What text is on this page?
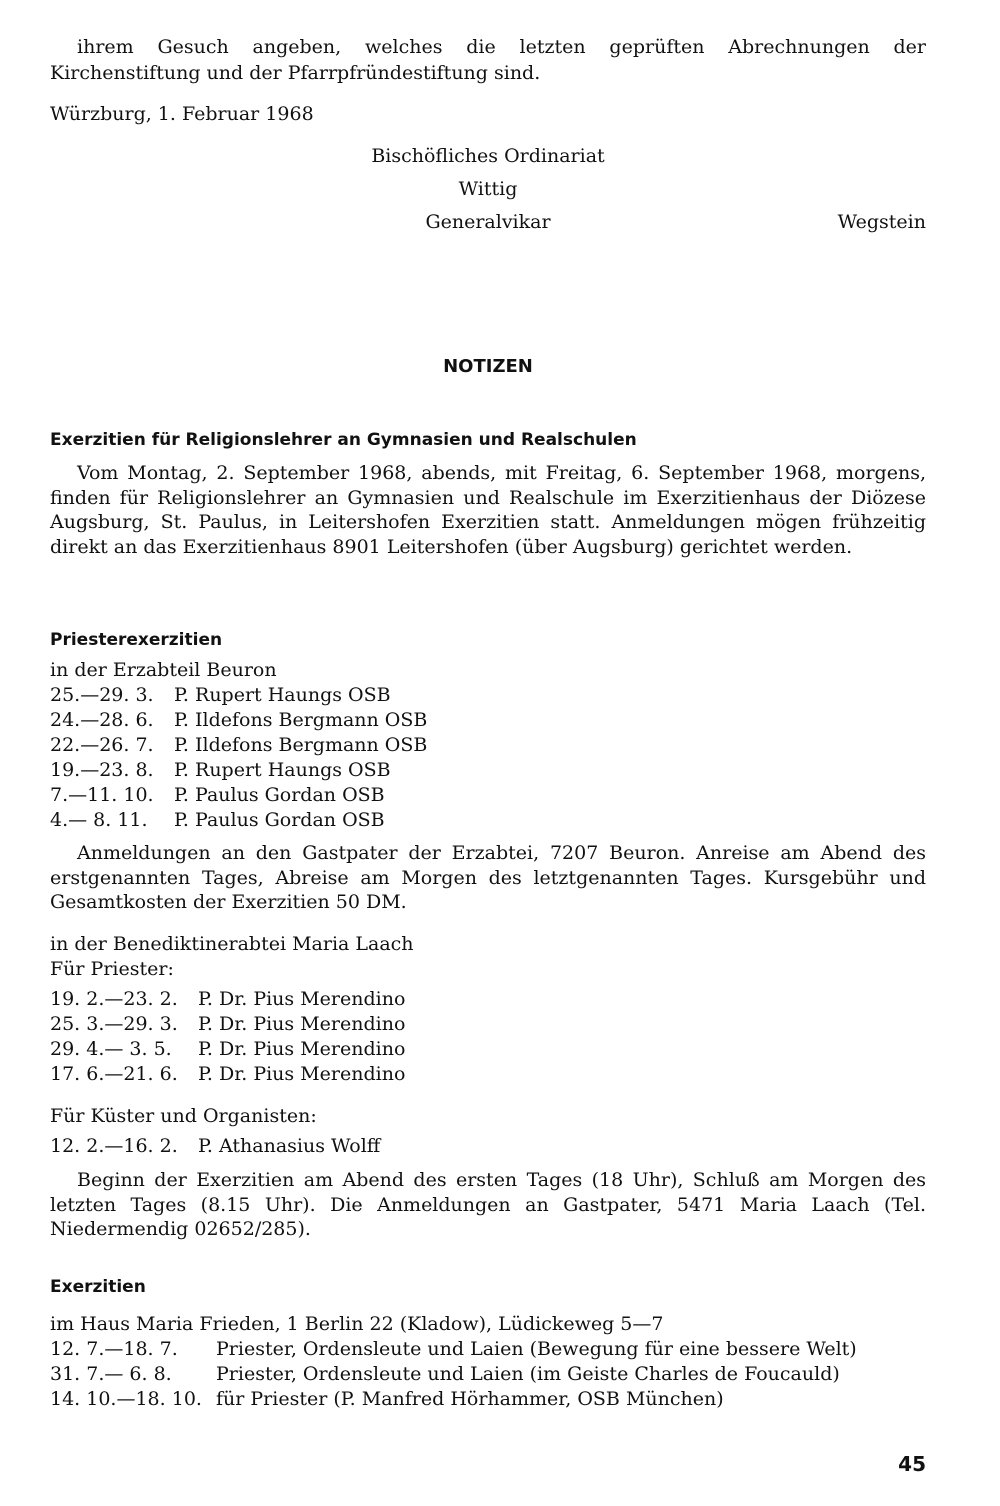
ihrem Gesuch angeben, welches die letzten geprüften Abrechnungen der Kirchenstiftung und der Pfarrpfründestiftung sind.
Würzburg, 1. Februar 1968
Bischöfliches Ordinariat
Wittig
Generalvikar	Wegstein
NOTIZEN
Exerzitien für Religionslehrer an Gymnasien und Realschulen
Vom Montag, 2. September 1968, abends, mit Freitag, 6. September 1968, morgens, finden für Religionslehrer an Gymnasien und Realschule im Exerzitienhaus der Diözese Augsburg, St. Paulus, in Leitershofen Exerzitien statt. Anmeldungen mögen frühzeitig direkt an das Exerzitienhaus 8901 Leitershofen (über Augsburg) gerichtet werden.
Priesterexerzitien
in der Erzabteil Beuron
25.—29. 3. P. Rupert Haungs OSB
24.—28. 6. P. Ildefons Bergmann OSB
22.—26. 7. P. Ildefons Bergmann OSB
19.—23. 8. P. Rupert Haungs OSB
7.—11. 10. P. Paulus Gordan OSB
4.— 8. 11. P. Paulus Gordan OSB
Anmeldungen an den Gastpater der Erzabtei, 7207 Beuron. Anreise am Abend des erstgenannten Tages, Abreise am Morgen des letztgenannten Tages. Kursgebühr und Gesamtkosten der Exerzitien 50 DM.
in der Benediktinerabtei Maria Laach
Für Priester:
19. 2.—23. 2. P. Dr. Pius Merendino
25. 3.—29. 3. P. Dr. Pius Merendino
29. 4.— 3. 5. P. Dr. Pius Merendino
17. 6.—21. 6. P. Dr. Pius Merendino
Für Küster und Organisten:
12. 2.—16. 2. P. Athanasius Wolff
Beginn der Exerzitien am Abend des ersten Tages (18 Uhr), Schluß am Morgen des letzten Tages (8.15 Uhr). Die Anmeldungen an Gastpater, 5471 Maria Laach (Tel. Niedermendig 02652/285).
Exerzitien
im Haus Maria Frieden, 1 Berlin 22 (Kladow), Lüdickeweg 5—7
12. 7.—18. 7. Priester, Ordensleute und Laien (Bewegung für eine bessere Welt)
31. 7.— 6. 8. Priester, Ordensleute und Laien (im Geiste Charles de Foucauld)
14. 10.—18. 10. für Priester (P. Manfred Hörhammer, OSB München)
45
